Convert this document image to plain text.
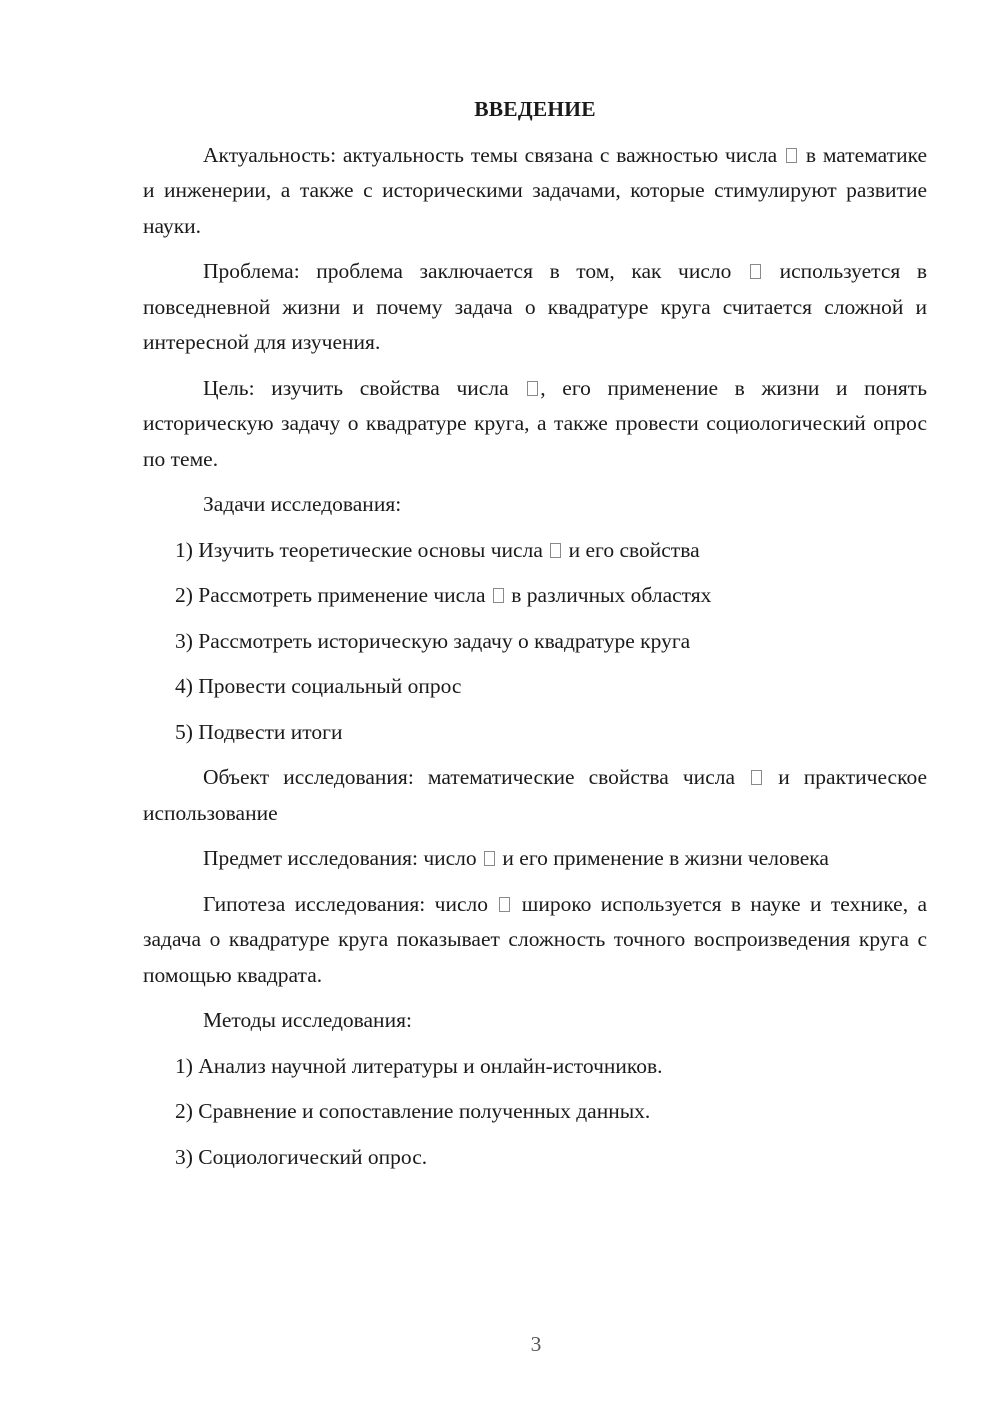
ВВЕДЕНИЕ

Актуальность: актуальность темы связана с важностью числа в математике и инженерии, а также с историческими задачами, которые стимулируют развитие науки.

Проблема: проблема заключается в том, как число используется в повседневной жизни и почему задача о квадратуре круга считается сложной и интересной для изучения.

Цель: изучить свойства числа , его применение в жизни и понять историческую задачу о квадратуре круга, а также провести социологический опрос по теме.

Задачи исследования:

1) Изучить теоретические основы числа и его свойства
2) Рассмотреть применение числа в различных областях
3) Рассмотреть историческую задачу о квадратуре круга
4) Провести социальный опрос
5) Подвести итоги

Объект исследования: математические свойства числа и практическое использование

Предмет исследования: число и его применение в жизни человека

Гипотеза исследования: число широко используется в науке и технике, а задача о квадратуре круга показывает сложность точного воспроизведения круга с помощью квадрата.

Методы исследования:

1) Анализ научной литературы и онлайн-источников.
2) Сравнение и сопоставление полученных данных.
3) Социологический опрос.
3
